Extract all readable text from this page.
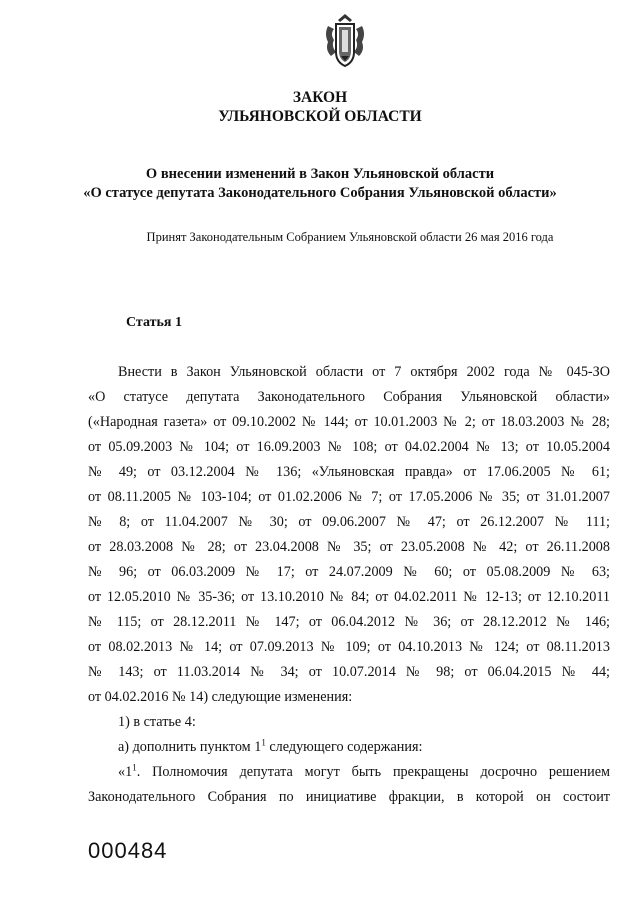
ЗАКОН
УЛЬЯНОВСКОЙ ОБЛАСТИ
О внесении изменений в Закон Ульяновской области
«О статусе депутата Законодательного Собрания Ульяновской области»
Принят Законодательным Собранием Ульяновской области 26 мая 2016 года
Статья 1
Внести в Закон Ульяновской области от 7 октября 2002 года № 045-ЗО
«О статусе депутата Законодательного Собрания Ульяновской области»
(«Народная газета» от 09.10.2002 № 144; от 10.01.2003 № 2; от 18.03.2003 № 28;
от 05.09.2003 № 104; от 16.09.2003 № 108; от 04.02.2004 № 13; от 10.05.2004
№ 49; от 03.12.2004 № 136; «Ульяновская правда» от 17.06.2005 № 61;
от 08.11.2005 № 103-104; от 01.02.2006 № 7; от 17.05.2006 № 35; от 31.01.2007
№ 8; от 11.04.2007 № 30; от 09.06.2007 № 47; от 26.12.2007 № 111;
от 28.03.2008 № 28; от 23.04.2008 № 35; от 23.05.2008 № 42; от 26.11.2008
№ 96; от 06.03.2009 № 17; от 24.07.2009 № 60; от 05.08.2009 № 63;
от 12.05.2010 № 35-36; от 13.10.2010 № 84; от 04.02.2011 № 12-13; от 12.10.2011
№ 115; от 28.12.2011 № 147; от 06.04.2012 № 36; от 28.12.2012 № 146;
от 08.02.2013 № 14; от 07.09.2013 № 109; от 04.10.2013 № 124; от 08.11.2013
№ 143; от 11.03.2014 № 34; от 10.07.2014 № 98; от 06.04.2015 № 44;
от 04.02.2016 № 14) следующие изменения:

1) в статье 4:

а) дополнить пунктом $1^1$ следующего содержания:

«$1^1$. Полномочия депутата могут быть прекращены досрочно решением
Законодательного Собрания по инициативе фракции, в которой он состоит
000484
